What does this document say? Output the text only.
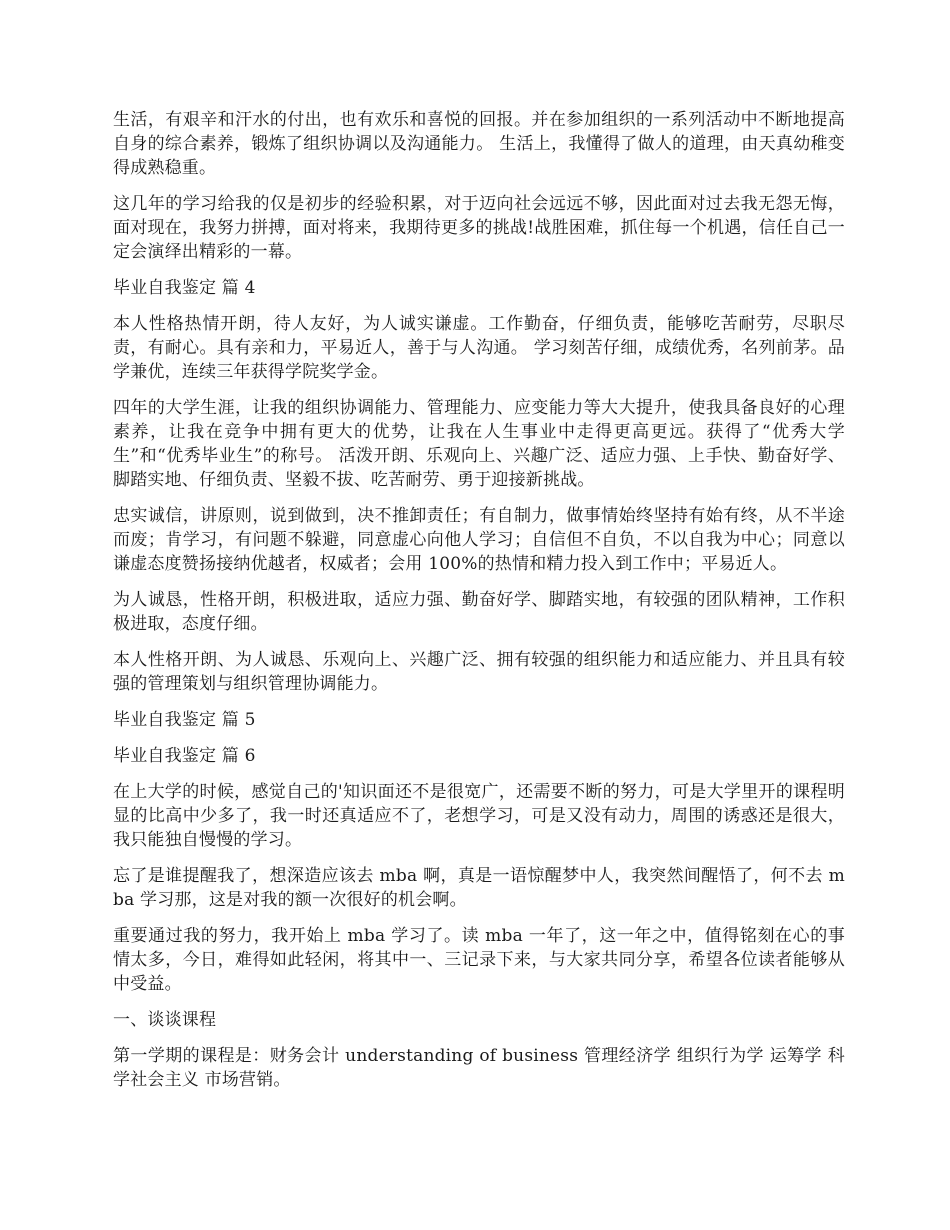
生活，有艰辛和汗水的付出，也有欢乐和喜悦的回报。并在参加组织的一系列活动中不断地提高自身的综合素养，锻炼了组织协调以及沟通能力。 生活上，我懂得了做人的道理，由天真幼稚变得成熟稳重。

这几年的学习给我的仅是初步的经验积累，对于迈向社会远远不够，因此面对过去我无怨无悔，面对现在，我努力拼搏，面对将来，我期待更多的挑战!战胜困难，抓住每一个机遇，信任自己一定会演绎出精彩的一幕。

毕业自我鉴定 篇 4

本人性格热情开朗，待人友好，为人诚实谦虚。工作勤奋，仔细负责，能够吃苦耐劳，尽职尽责，有耐心。具有亲和力，平易近人，善于与人沟通。 学习刻苦仔细，成绩优秀，名列前茅。品学兼优，连续三年获得学院奖学金。

四年的大学生涯，让我的组织协调能力、管理能力、应变能力等大大提升，使我具备良好的心理素养，让我在竞争中拥有更大的优势，让我在人生事业中走得更高更远。获得了“优秀大学生”和“优秀毕业生”的称号。 活泼开朗、乐观向上、兴趣广泛、适应力强、上手快、勤奋好学、脚踏实地、仔细负责、坚毅不拔、吃苦耐劳、勇于迎接新挑战。

忠实诚信，讲原则，说到做到，决不推卸责任；有自制力，做事情始终坚持有始有终，从不半途而废；肯学习，有问题不躲避，同意虚心向他人学习；自信但不自负，不以自我为中心；同意以谦虚态度赞扬接纳优越者，权威者；会用 100%的热情和精力投入到工作中；平易近人。

为人诚恳，性格开朗，积极进取，适应力强、勤奋好学、脚踏实地，有较强的团队精神，工作积极进取，态度仔细。

本人性格开朗、为人诚恳、乐观向上、兴趣广泛、拥有较强的组织能力和适应能力、并且具有较强的管理策划与组织管理协调能力。

毕业自我鉴定 篇 5

毕业自我鉴定 篇 6

在上大学的时候，感觉自己的'知识面还不是很宽广，还需要不断的努力，可是大学里开的课程明显的比高中少多了，我一时还真适应不了，老想学习，可是又没有动力，周围的诱惑还是很大，我只能独自慢慢的学习。

忘了是谁提醒我了，想深造应该去 mba 啊，真是一语惊醒梦中人，我突然间醒悟了，何不去 mba 学习那，这是对我的额一次很好的机会啊。

重要通过我的努力，我开始上 mba 学习了。读 mba 一年了，这一年之中，值得铭刻在心的事情太多，今日，难得如此轻闲，将其中一、三记录下来，与大家共同分享，希望各位读者能够从中受益。

一、谈谈课程

第一学期的课程是：财务会计 understanding of business 管理经济学 组织行为学 运筹学 科学社会主义 市场营销。
